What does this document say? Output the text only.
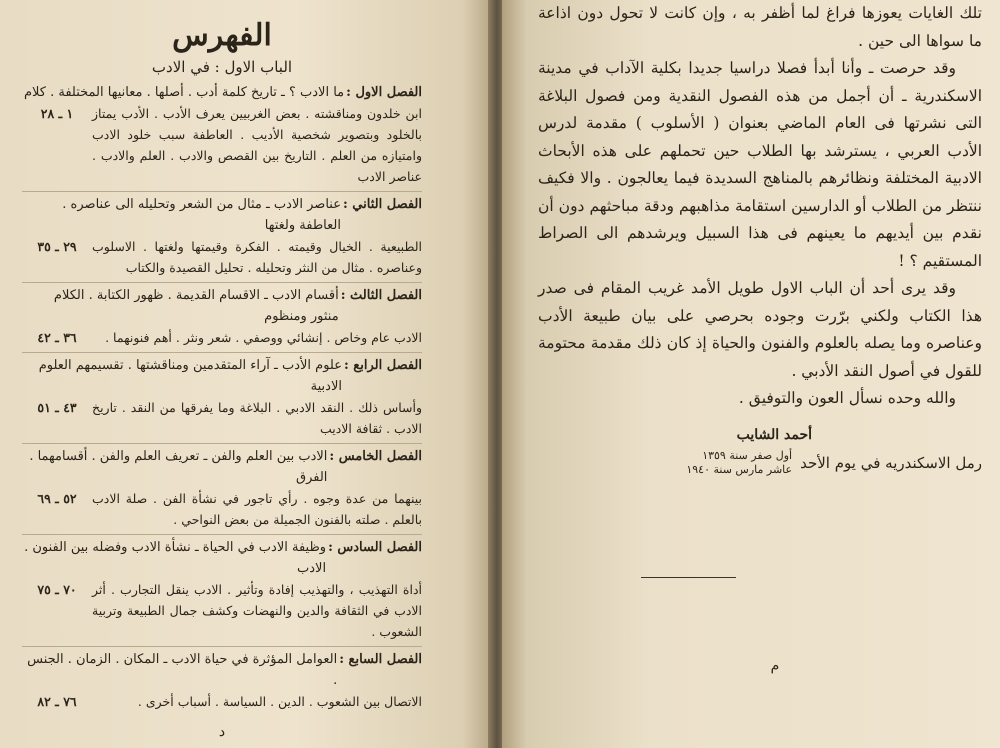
الفهرس
الباب الاول : في الادب
الفصل الاول :
ما الادب ؟ ـ تاريخ كلمة أدب . أصلها . معانيها المختلفة . كلام
ابن خلدون ومناقشته . بعض الغربيين يعرف الأدب . الأدب يمتاز بالخلود وبتصوير شخصية الأديب . العاطفة سبب خلود الادب وامتيازه من العلم . التاريخ بين القصص والادب . العلم والادب . عناصر الادب
١ ـ ٢٨
الفصل الثاني :
عناصر الادب ـ مثال من الشعر وتحليله الى عناصره . العاطفة ولغتها
الطبيعية . الخيال وقيمته . الفكرة وقيمتها ولغتها . الاسلوب وعناصره . مثال من النثر وتحليله . تحليل القصيدة والكتاب
٢٩ ـ ٣٥
الفصل الثالث :
أقسام الادب ـ الاقسام القديمة . ظهور الكتابة . الكلام منثور ومنظوم
الادب عام وخاص . إنشائي ووصفي . شعر ونثر . أهم فنونهما .
٣٦ ـ ٤٢
الفصل الرابع :
علوم الأدب ـ آراء المتقدمين ومناقشتها . تقسيمهم العلوم الادبية
وأساس ذلك . النقد الادبي . البلاغة وما يفرقها من النقد . تاريخ الادب . ثقافة الاديب
٤٣ ـ ٥١
الفصل الخامس :
الادب بين العلم والفن ـ تعريف العلم والفن . أقسامهما . الفرق
بينهما من عدة وجوه . رأي تاجور في نشأة الفن . صلة الادب بالعلم . صلته بالفنون الجميلة من بعض النواحي .
٥٢ ـ ٦٩
الفصل السادس :
وظيفة الادب في الحياة ـ نشأة الادب وفضله بين الفنون . الادب
أداة التهذيب ، والتهذيب إفادة وتأثير . الادب ينقل التجارب . أثر الادب في الثقافة والدين والنهضات وكشف جمال الطبيعة وتربية الشعوب .
٧٠ ـ ٧٥
الفصل السابع :
العوامل المؤثرة في حياة الادب ـ المكان . الزمان . الجنس .
الاتصال بين الشعوب . الدين . السياسة . أسباب أخرى .
٧٦ ـ ٨٢
د

تلك الغايات يعوزها فراغ لما أظفر به ، وإن كانت لا تحول دون اذاعة ما سواها الى حين .

وقد حرصت ـ وأنا أبدأ فصلا دراسيا جديدا بكلية الآداب في مدينة الاسكندرية ـ أن أجمل من هذه الفصول النقدية ومن فصول البلاغة التى نشرتها فى العام الماضي بعنوان ( الأسلوب ) مقدمة لدرس الأدب العربي ، يسترشد بها الطلاب حين تحملهم على هذه الأبحاث الادبية المختلفة ونظائرهم بالمناهج السديدة فيما يعالجون . والا فكيف ننتظر من الطلاب أو الدارسين استقامة مذاهبهم ودقة مباحثهم دون أن نقدم بين أيديهم ما يعينهم فى هذا السبيل ويرشدهم الى الصراط المستقيم ؟ !

وقد يرى أحد أن الباب الاول طويل الأمد غريب المقام فى صدر هذا الكتاب ولكني برّرت وجوده بحرصي على بيان طبيعة الأدب وعناصره وما يصله بالعلوم والفنون والحياة إذ كان ذلك مقدمة محتومة للقول في أصول النقد الأدبي .

والله وحده نسأل العون والتوفيق .

أحمد الشايب
رمل الاسكندريه في يوم الأحد
أول صفر سنة ١٣٥٩
عاشر مارس سنة ١٩٤٠
م
